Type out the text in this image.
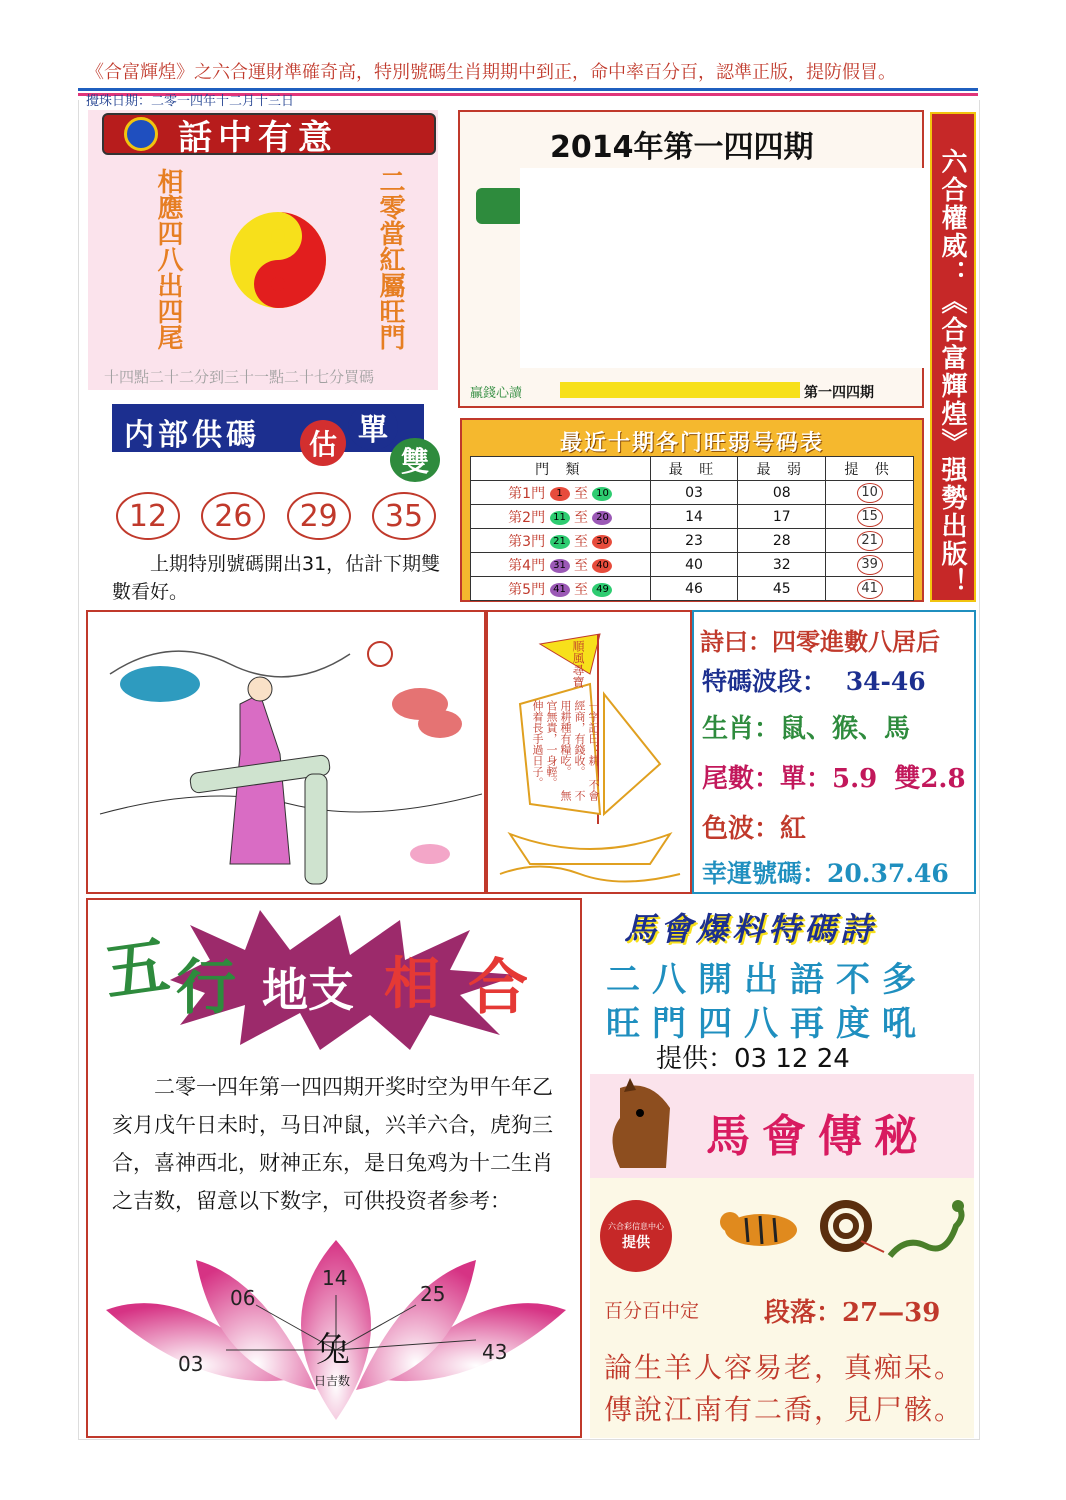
《合富輝煌》之六合運財準確奇高，特別號碼生肖期期中到正，命中率百分百，認準正版，提防假冒。
攪珠日期：二零一四年十二月十三日
話中有意
相應四八出四尾	二零當紅屬旺門
十四點二十二分到三十一點二十七分買碼
2014年第一四四期
贏錢心讀	第一四四期 六合權威：《合富輝煌》强勢出版！
内部供碼	估 單
雙
12	26	29	35
上期特別號碼開出31，估計下期雙數看好。
最近十期各门旺弱号码表
門 類	最 旺	最 弱	提 供
第1門 1 至 10	03	08	10
第2門 11 至 20	14	17	15
第3門 21 至 30	23	28	21
第4門 31 至 40	40	32	39
第5門 41 至 49	46	45	41
順風尋寶
一字記曰：耕 不會經商，有錢收。 不用耕種有糧吃。 無官無貴，一身輕。 伸着長手過日子。
詩曰：四零進數八居后
特碼波段： 34-46
生肖：鼠、猴、馬
尾數：單：5.9 雙2.8
色波：紅
幸運號碼：20.37.46
五 行 地支 相 合
二零一四年第一四四期开奖时空为甲午年乙亥月戊午日未时，马日冲鼠，兴羊六合，虎狗三合，喜神西北，财神正东，是日兔鸡为十二生肖之吉数，留意以下数字，可供投资者参考：
03
06
14
25
43
兔
日吉数
馬會爆料特碼詩
二八開出語不多
旺門四八再度吼
提供：03 12 24
馬會傳秘
六合彩信息中心
提供
百分百中定 段落：27—39
論生羊人容易老，真痴呆。
傳說江南有二喬，見尸骸。
